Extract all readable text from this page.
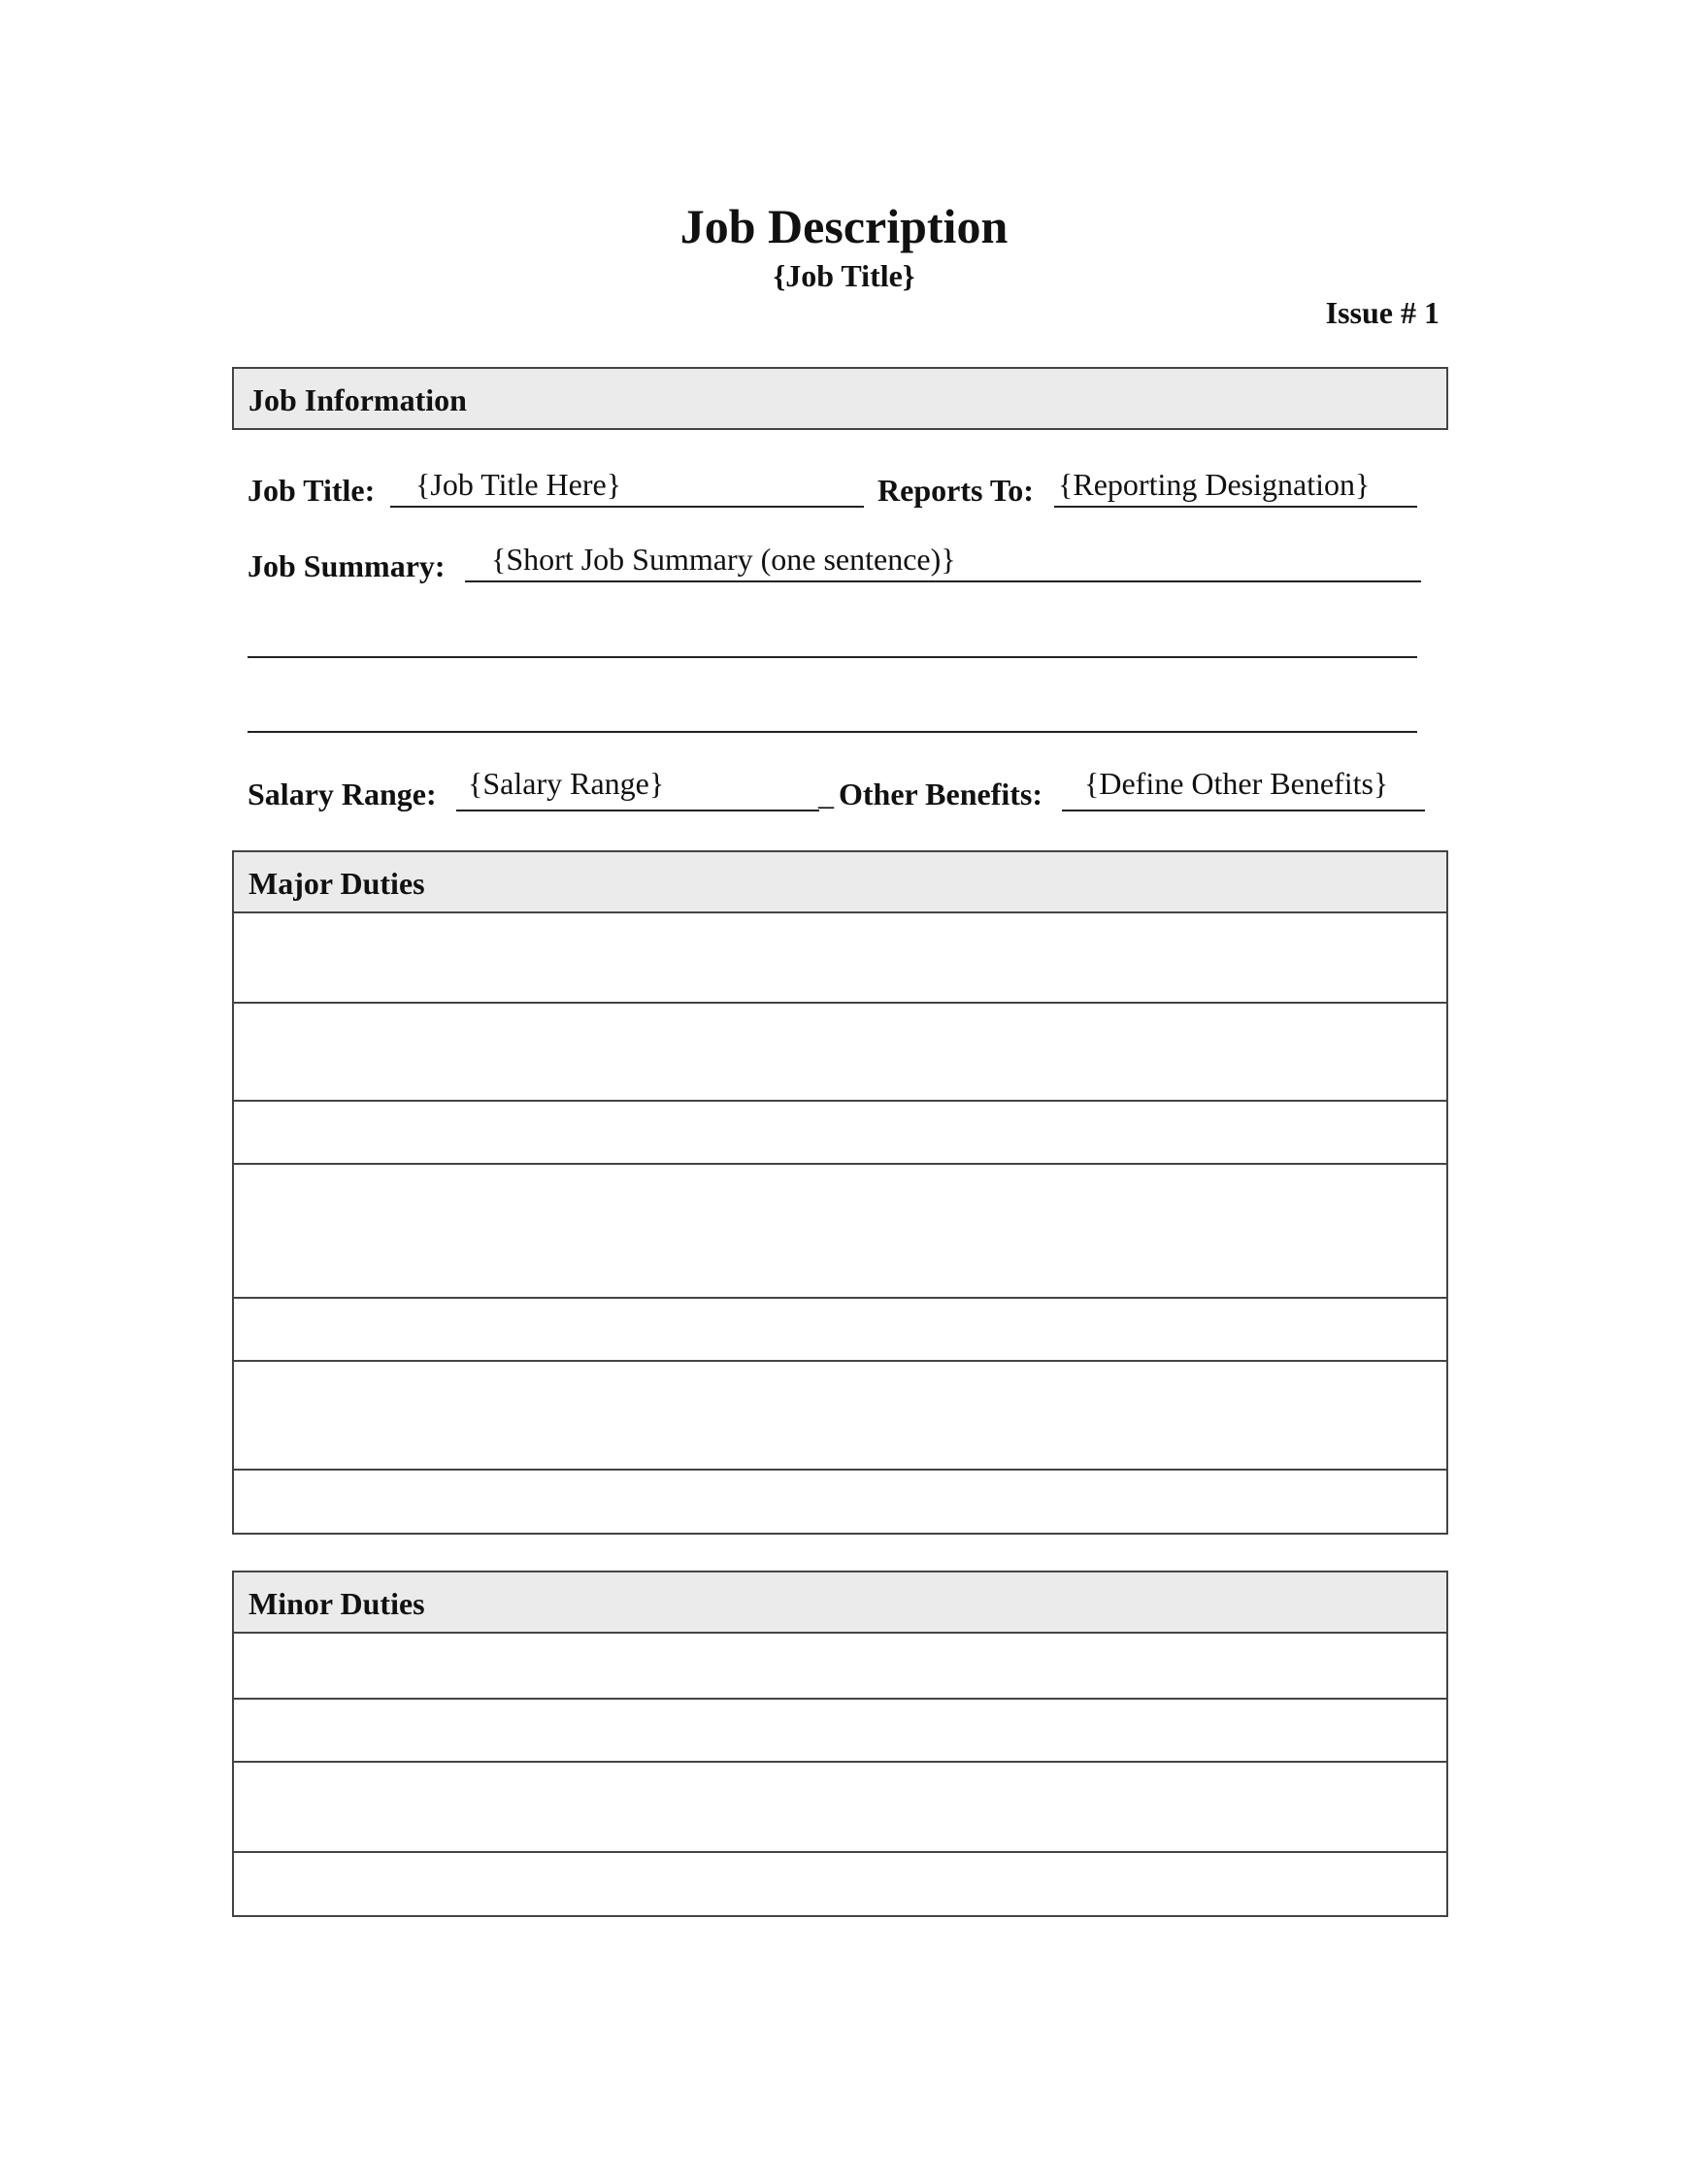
Job Description
{Job Title}
Issue # 1
Job Information
Job Title: {Job Title Here}	Reports To: {Reporting Designation}
Job Summary: {Short Job Summary (one sentence)}
Salary Range: {Salary Range}	_ Other Benefits: {Define Other Benefits}
Major Duties
Minor Duties
